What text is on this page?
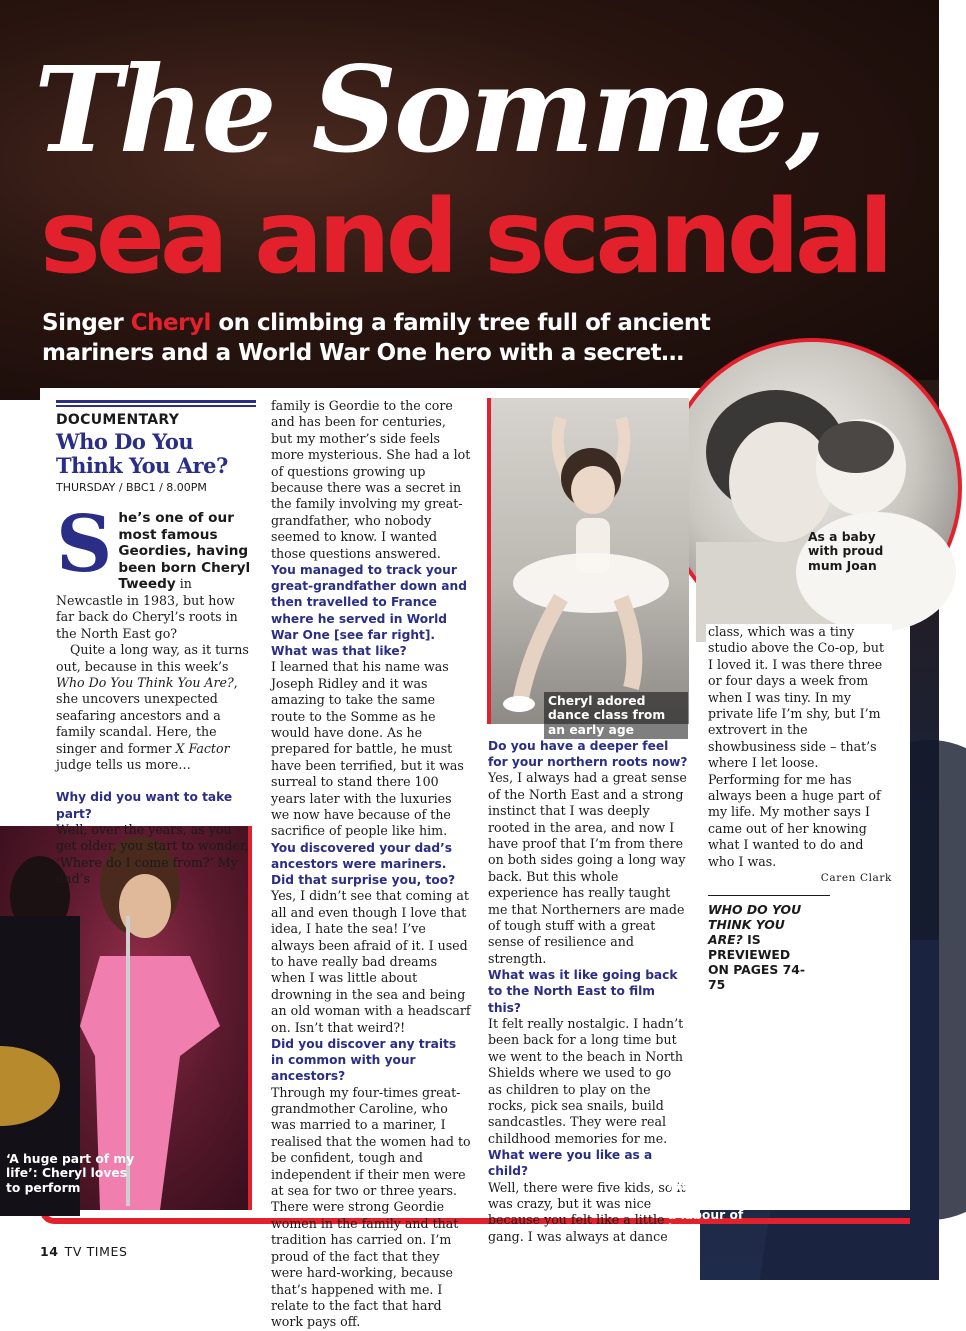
The Somme,
sea and scandal
Singer Cheryl on climbing a family tree full of ancient mariners and a World War One hero with a secret…
As a baby with proud mum Joan
Cheryl adored dance class from an early age
‘A huge part of my life’: Cheryl loves to perform
DOCUMENTARY
Who Do You
Think You Are?
THURSDAY / BBC1 / 8.00PM

She’s one of our most famous Geordies, having been born Cheryl Tweedy in Newcastle in 1983, but how far back do Cheryl’s roots in the North East go?

Quite a long way, as it turns out, because in this week’s Who Do You Think You Are?, she uncovers unexpected seafaring ancestors and a family scandal. Here, the singer and former X Factor judge tells us more…

Why did you want to take part?

Well, over the years, as you get older, you start to wonder, ‘Where do I come from?’ My dad’s

family is Geordie to the core and has been for centuries, but my mother’s side feels more mysterious. She had a lot of questions growing up because there was a secret in the family involving my great-grandfather, who nobody seemed to know. I wanted those questions answered.

You managed to track your great-grandfather down and then travelled to France where he served in World War One [see far right]. What was that like?

I learned that his name was Joseph Ridley and it was amazing to take the same route to the Somme as he would have done. As he prepared for battle, he must have been terrified, but it was surreal to stand there 100 years later with the luxuries we now have because of the sacrifice of people like him.

You discovered your dad’s ancestors were mariners. Did that surprise you, too?

Yes, I didn’t see that coming at all and even though I love that idea, I hate the sea! I’ve always been afraid of it. I used to have really bad dreams when I was little about drowning in the sea and being an old woman with a headscarf on. Isn’t that weird?!

Did you discover any traits in common with your ancestors?

Through my four-times great-grandmother Caroline, who was married to a mariner, I realised that the women had to be confident, tough and independent if their men were at sea for two or three years. There were strong Geordie women in the family and that tradition has carried on. I’m proud of the fact that they were hard-working, because that’s happened with me. I relate to the fact that hard work pays off.

Do you have a deeper feel for your northern roots now?

Yes, I always had a great sense of the North East and a strong instinct that I was deeply rooted in the area, and now I have proof that I’m from there on both sides going a long way back. But this whole experience has really taught me that Northerners are made of tough stuff with a great sense of resilience and strength.

What was it like going back to the North East to film this?

It felt really nostalgic. I hadn’t been back for a long time but we went to the beach in North Shields where we used to go as children to play on the rocks, pick sea snails, build sandcastles. They were real childhood memories for me.

What were you like as a child?

Well, there were five kids, so it was crazy, but it was nice because you felt like a little gang. I was always at dance

class, which was a tiny studio above the Co-op, but I loved it. I was there three or four days a week from when I was tiny. In my private life I’m shy, but I’m extrovert in the showbusiness side – that’s where I let loose. Performing for me has always been a huge part of my life. My mother says I came out of her knowing what I wanted to do and who I was.

Caren Clark

WHO DO YOU THINK YOU ARE? IS PREVIEWED ON PAGES 74-75

Cheryl’s journeys home – and to France – were a labour of love
14 TV TIMES
